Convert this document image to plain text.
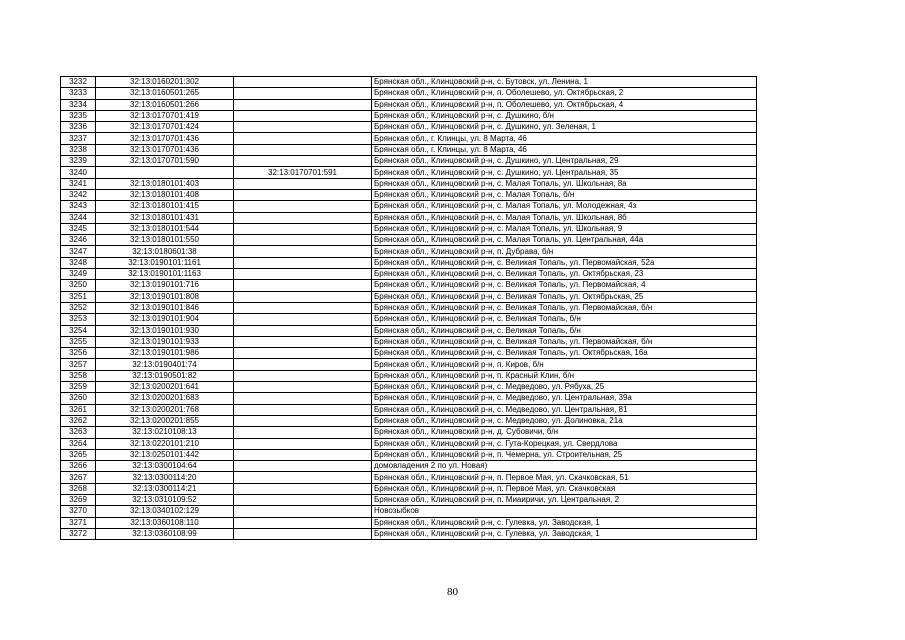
3232	32:13:0160201:302		Брянская обл., Клинцовский р-н, с. Бутовск, ул. Ленина, 1
3233	32:13:0160501:265		Брянская обл., Клинцовский р-н, п. Оболешево, ул. Октябрьская, 2
3234	32:13:0160501:266		Брянская обл., Клинцовский р-н, п. Оболешево, ул. Октябрьская, 4
3235	32:13:0170701:419		Брянская обл., Клинцовский р-н, с. Душкино, б/н
3236	32:13:0170701:424		Брянская обл., Клинцовский р-н, с. Душкино, ул. Зеленая, 1
3237	32:13:0170701:436		Брянская обл., г. Клинцы, ул. 8 Марта, 46
3238	32:13:0170701:436		Брянская обл., г. Клинцы, ул. 8 Марта, 46
3239	32:13:0170701:590		Брянская обл., Клинцовский р-н, с. Душкино, ул. Центральная, 29
3240		32:13:0170701:591	Брянская обл., Клинцовский р-н, с. Душкино, ул. Центральная, 35
3241	32:13:0180101:403		Брянская обл., Клинцовский р-н, с. Малая Топаль, ул. Школьная, 8а
3242	32:13:0180101:408		Брянская обл., Клинцовский р-н, с. Малая Топаль, б/н
3243	32:13:0180101:415		Брянская обл., Клинцовский р-н, с. Малая Топаль, ул. Молодежная, 4з
3244	32:13:0180101:431		Брянская обл., Клинцовский р-н, с. Малая Топаль, ул. Школьная, 8б
3245	32:13:0180101:544		Брянская обл., Клинцовский р-н, с. Малая Топаль, ул. Школьная, 9
3246	32:13:0180101:550		Брянская обл., Клинцовский р-н, с. Малая Топаль, ул. Центральная, 44а
3247	32:13:0180601:38		Брянская обл., Клинцовский р-н, п. Дубрава, б/н
3248	32:13:0190101:1161		Брянская обл., Клинцовский р-н, с. Великая Топаль, ул. Первомайская, 52а
3249	32:13:0190101:1163		Брянская обл., Клинцовский р-н, с. Великая Топаль, ул. Октябрьская, 23
3250	32:13:0190101:716		Брянская обл., Клинцовский р-н, с. Великая Топаль, ул. Первомайская, 4
3251	32:13:0190101:808		Брянская обл., Клинцовский р-н, с. Великая Топаль, ул. Октябрьская, 25
3252	32:13:0190101:846		Брянская обл., Клинцовский р-н, с. Великая Топаль, ул. Первомайская, б/н
3253	32:13:0190101:904		Брянская обл., Клинцовский р-н, с. Великая Топаль, б/н
3254	32:13:0190101:930		Брянская обл., Клинцовский р-н, с. Великая Топаль, б/н
3255	32:13:0190101:933		Брянская обл., Клинцовский р-н, с. Великая Топаль, ул. Первомайская, б/н
3256	32:13:0190101:986		Брянская обл., Клинцовский р-н, с. Великая Топаль, ул. Октябрьская, 16а
3257	32:13:0190401:74		Брянская обл., Клинцовский р-н, п. Киров, б/н
3258	32:13:0190501:82		Брянская обл., Клинцовский р-н, п. Красный Клин, б/н
3259	32:13:0200201:641		Брянская обл., Клинцовский р-н, с. Медведово, ул. Рябуха, 25
3260	32:13:0200201:683		Брянская обл., Клинцовский р-н, с. Медведово, ул. Центральная, 39а
3261	32:13:0200201:768		Брянская обл., Клинцовский р-н, с. Медведово, ул. Центральная, 81
3262	32:13:0200201:855		Брянская обл., Клинцовский р-н, с. Медведово, ул. Долиновка, 21а
3263	32:13:0210108:13		Брянская обл., Клинцовский р-н, д. Субовичи, б/н
3264	32:13:0220101:210		Брянская обл., Клинцовский р-н, с. Гута-Корецкая, ул. Свердлова
3265	32:13:0250101:442		Брянская обл., Клинцовский р-н, п. Чемерна, ул. Строительная, 25
3266	32:13:0300104:64		домовладения 2 по ул. Новая)
3267	32:13:0300114:20		Брянская обл., Клинцовский р-н, п. Первое Мая, ул. Скачковская, 51
3268	32:13:0300114:21		Брянская обл., Клинцовский р-н, п. Первое Мая, ул. Скачковская
3269	32:13:0310109:52		Брянская обл., Клинцовский р-н, п. Миаиричи, ул. Центральная, 2
3270	32:13:0340102:129		Новозыбков
3271	32:13:0360108:110		Брянская обл., Клинцовский р-н, с. Гулевка, ул. Заводская, 1
3272	32:13:0360108:99		Брянская обл., Клинцовский р-н, с. Гулевка, ул. Заводская, 1
80
